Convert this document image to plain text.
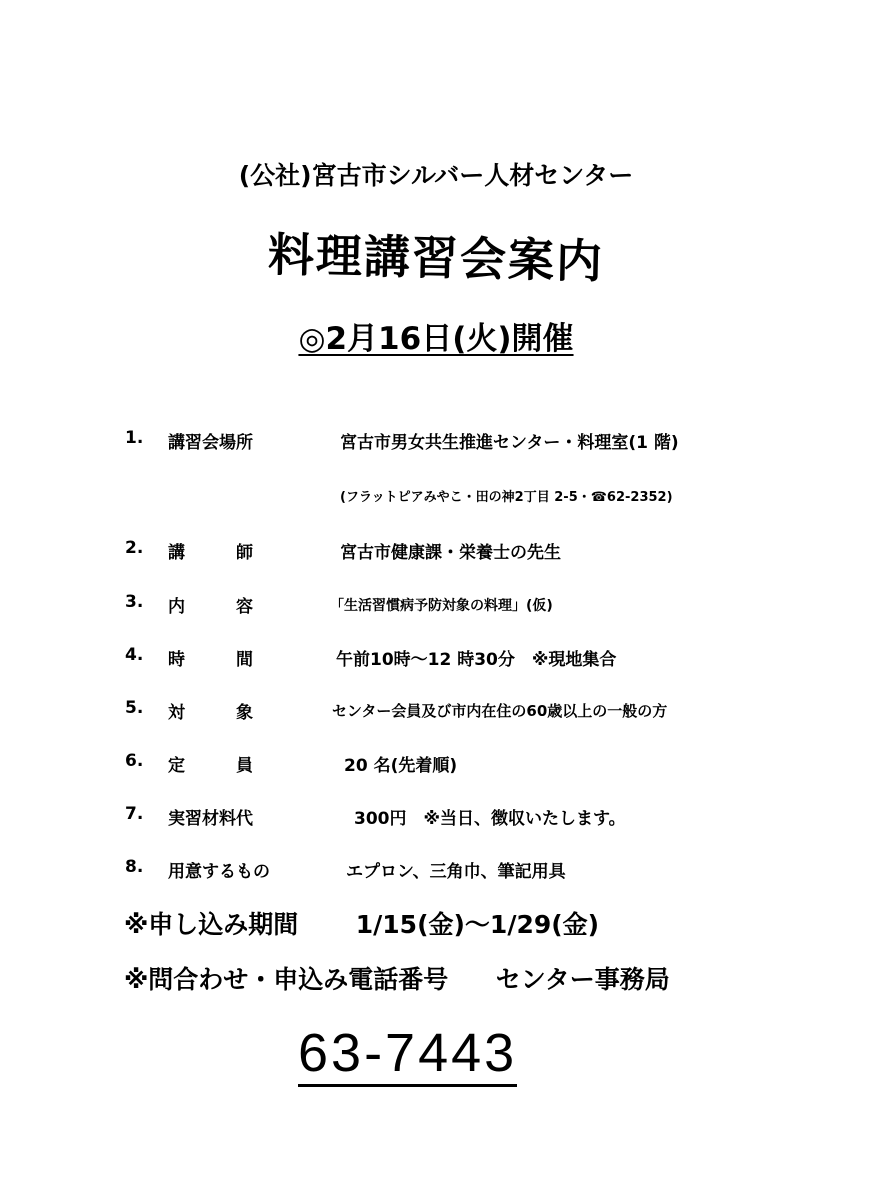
(公社)宮古市シルバー人材センター
料理講習会案内
◎2月16日(火)開催
1. 講習会場所	宮古市男女共生推進センター・料理室(1 階)
(フラットピアみやこ・田の神2丁目 2-5・☎62-2352)
2. 講　　　師	宮古市健康課・栄養士の先生
3. 内　　　容	「生活習慣病予防対象の料理」(仮)
4. 時　　　間	午前10時～12 時30分　※現地集合
5. 対　　　象	センター会員及び市内在住の60歳以上の一般の方
6. 定　　　員	20 名(先着順)
7. 実習材料代	300円　※当日、徴収いたします。
8. 用意するもの	エプロン、三角巾、筆記用具
※申し込み期間 1/15(金)～1/29(金)
※問合わせ・申込み電話番号 センター事務局
63-7443
